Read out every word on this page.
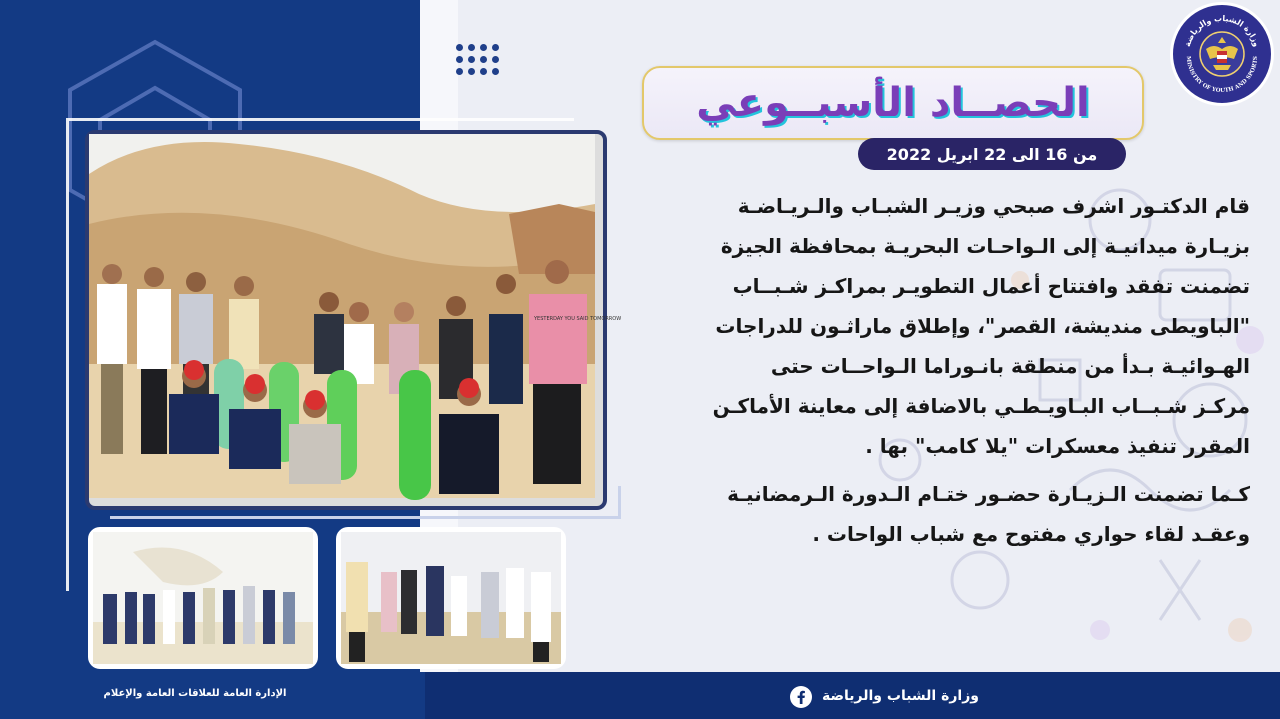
وزارة الشباب والرياضة
MINISTRY OF YOUTH AND SPORTS
الحصــاد الأسبــوعي
من 16 الى 22 ابريل 2022

قام الدكتـور اشرف صبحي وزيـر الشبـاب والـريـاضـة

بزيـارة ميدانيـة إلى الـواحـات البحريـة بمحافظة الجيزة

تضمنت تفقد وافتتاح أعمال التطويـر بمراكـز شـبــاب

"الباويطى منديشة، القصر"، وإطلاق ماراثـون للدراجات

الهـوائيـة بـدأ من منطقة بانـوراما الـواحــات حتى

مركـز شـبــاب البـاويـطـي بالاضافة إلى معاينة الأماكـن

المقرر تنفيذ معسكرات "يلا كامب" بها .

كـما تضمنت الـزيـارة حضـور ختـام الـدورة الـرمضانيـة

وعقـد لقاء حواري مفتوح مع شباب الواحات .

YESTERDAY YOU SAID TOMORROW
الإدارة العامة للعلاقات العامة والإعلام	وزارة الشباب والرياضة
